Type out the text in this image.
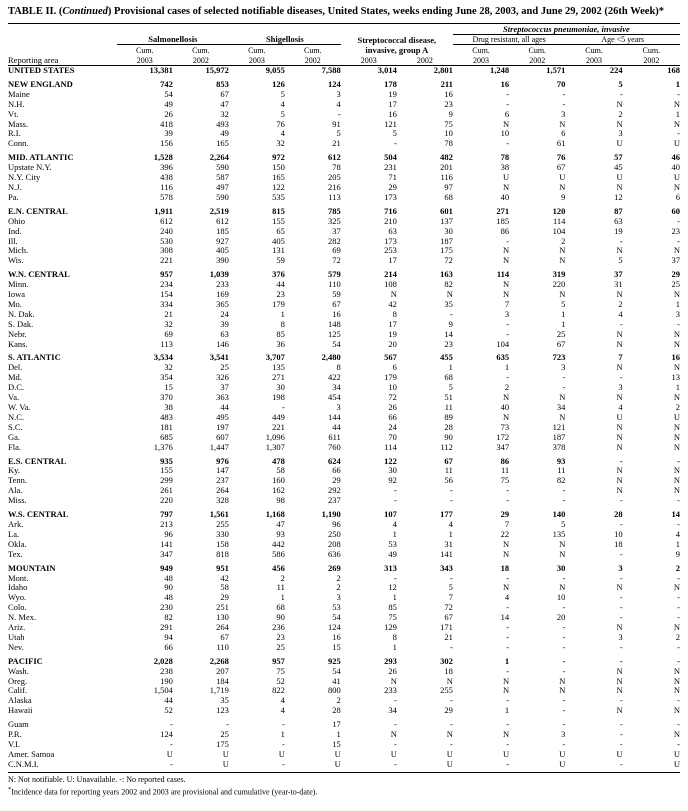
TABLE II. (Continued) Provisional cases of selected notifiable diseases, United States, weeks ending June 28, 2003, and June 29, 2002 (26th Week)*
							Streptococcus pneumoniae, invasive			
	Salmonellosis		Shigellosis		Streptococcal disease, invasive, group A		Drug resistant, all ages		Age <5 years	
	Cum.	Cum.	Cum.	Cum.			Cum.	Cum.	Cum.	Cum.
Reporting area	2003	2002	2003	2002	2003	2002	2003	2002	2003	2002
UNITED STATES	13,381	15,972	9,055	7,588	3,014	2,801	1,248	1,571	224	168

NEW ENGLAND	742	853	126	124	178	211	16	70	5	1
Maine	54	67	5	3	19	16	-	-	-	-
N.H.	49	47	4	4	17	23	-	-	N	N
Vt.	26	32	5	-	16	9	6	3	2	1
Mass.	418	493	76	91	121	75	N	N	N	N
R.I.	39	49	4	5	5	10	10	6	3	-
Conn.	156	165	32	21	-	78	-	61	U	U

MID. ATLANTIC	1,528	2,264	972	612	504	482	78	76	57	46
Upstate N.Y.	396	590	150	78	231	201	38	67	45	40
N.Y. City	438	587	165	205	71	116	U	U	U	U
N.J.	116	497	122	216	29	97	N	N	N	N
Pa.	578	590	535	113	173	68	40	9	12	6

E.N. CENTRAL	1,911	2,519	815	785	716	601	271	120	87	60
Ohio	612	612	155	325	210	137	185	114	63	-
Ind.	240	185	65	37	63	30	86	104	19	23
Ill.	530	927	405	282	173	187	-	2	-	-
Mich.	308	405	131	69	253	175	N	N	N	N
Wis.	221	390	59	72	17	72	N	N	5	37

W.N. CENTRAL	957	1,039	376	579	214	163	114	319	37	29
Minn.	234	233	44	110	108	82	N	220	31	25
Iowa	154	169	23	59	N	N	N	N	N	N
Mo.	334	365	179	67	42	35	7	5	2	1
N. Dak.	21	24	1	16	8	-	3	1	4	3
S. Dak.	32	39	8	148	17	9	-	1	-	-
Nebr.	69	63	85	125	19	14	-	25	N	N
Kans.	113	146	36	54	20	23	104	67	N	N

S. ATLANTIC	3,534	3,541	3,707	2,480	567	455	635	723	7	16
Del.	32	25	135	8	6	1	1	3	N	N
Md.	354	326	271	422	179	68	-	-	-	13
D.C.	15	37	30	34	10	5	2	-	3	1
Va.	370	363	198	454	72	51	N	N	N	N
W. Va.	38	44	-	3	26	11	40	34	4	2
N.C.	483	495	449	144	66	89	N	N	U	U
S.C.	181	197	221	44	24	28	73	121	N	N
Ga.	685	607	1,096	611	70	90	172	187	N	N
Fla.	1,376	1,447	1,307	760	114	112	347	378	N	N

E.S. CENTRAL	935	976	478	624	122	67	86	93	-	-
Ky.	155	147	58	66	30	11	11	11	N	N
Tenn.	299	237	160	29	92	56	75	82	N	N
Ala.	261	264	162	292	-	-	-	-	N	N
Miss.	220	328	98	237	-	-	-	-	-	-

W.S. CENTRAL	797	1,561	1,168	1,190	107	177	29	140	28	14
Ark.	213	255	47	96	4	4	7	5	-	-
La.	96	330	93	250	1	1	22	135	10	4
Okla.	141	158	442	208	53	31	N	N	18	1
Tex.	347	818	586	636	49	141	N	N	-	9

MOUNTAIN	949	951	456	269	313	343	18	30	3	2
Mont.	48	42	2	2	-	-	-	-	-	-
Idaho	90	58	11	2	12	5	N	N	N	N
Wyo.	48	29	1	3	1	7	4	10	-	-
Colo.	230	251	68	53	85	72	-	-	-	-
N. Mex.	82	130	90	54	75	67	14	20	-	-
Ariz.	291	264	236	124	129	171	-	-	N	N
Utah	94	67	23	16	8	21	-	-	3	2
Nev.	66	110	25	15	1	-	-	-	-	-

PACIFIC	2,028	2,268	957	925	293	302	1	-	-	-
Wash.	238	207	75	54	26	18	-	-	N	N
Oreg.	190	184	52	41	N	N	N	N	N	N
Calif.	1,504	1,719	822	800	233	255	N	N	N	N
Alaska	44	35	4	2	-	-	-	-	-	-
Hawaii	52	123	4	28	34	29	1	-	N	N

Guam	-	-	-	17	-	-	-	-	-	-
P.R.	124	25	1	1	N	N	N	3	-	N
V.I.	-	175	-	15	-	-	-	-	-	-
Amer. Samoa	U	U	U	U	U	U	U	U	U	U
C.N.M.I.	-	U	-	U	-	U	-	U	-	U
N: Not notifiable. U: Unavailable. -: No reported cases.
*Incidence data for reporting years 2002 and 2003 are provisional and cumulative (year-to-date).
